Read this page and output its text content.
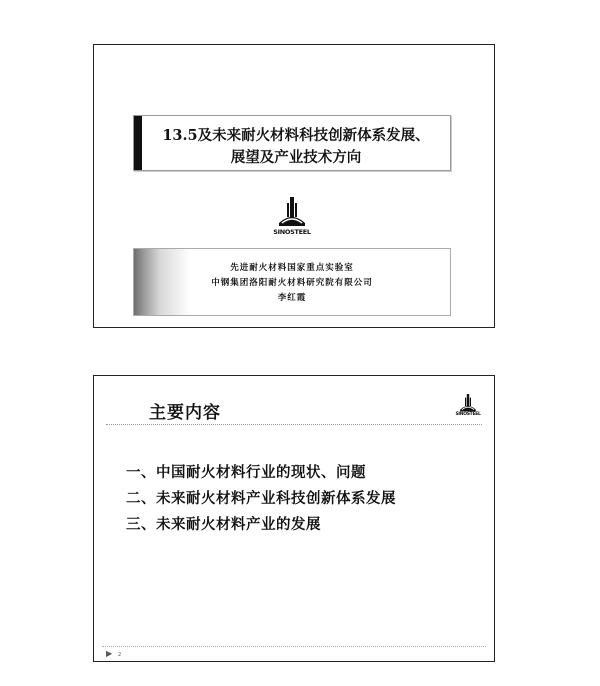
13.5及未来耐火材料科技创新体系发展、
展望及产业技术方向
SINOSTEEL
先进耐火材料国家重点实验室
中钢集团洛阳耐火材料研究院有限公司
李红霞
主要内容	SINOSTEEL
一、中国耐火材料行业的现状、问题
二、未来耐火材料产业科技创新体系发展
三、未来耐火材料产业的发展
▶ 2
